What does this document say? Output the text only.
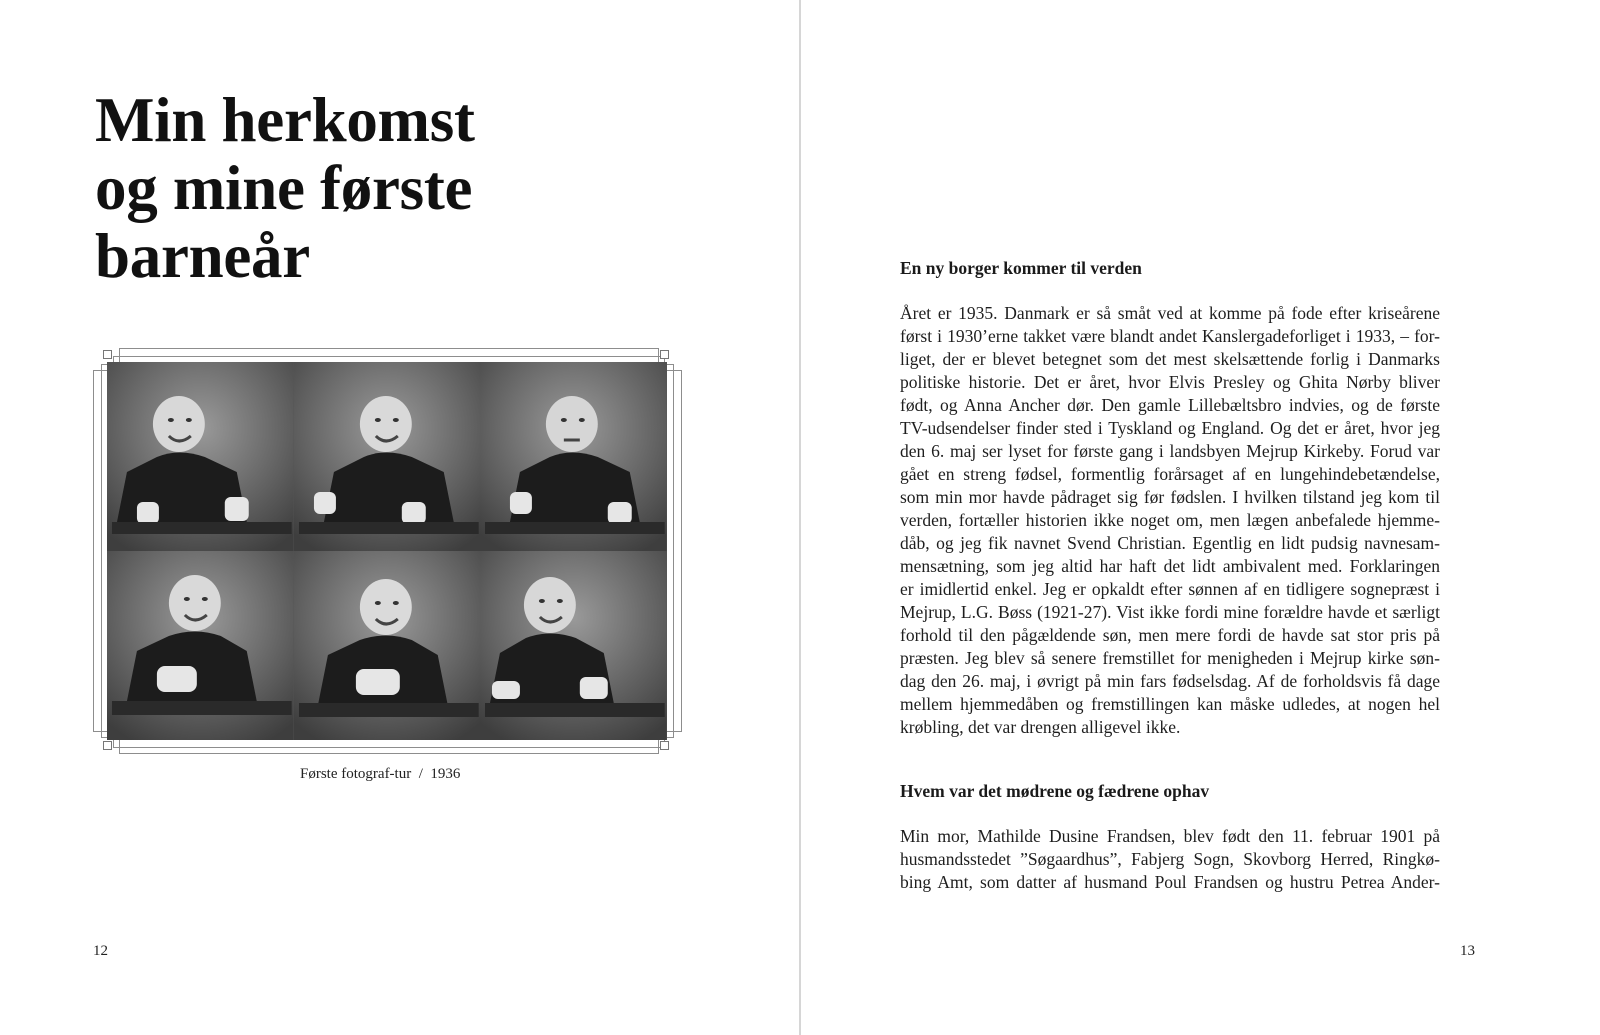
Min herkomst
og mine første
barneår
Første fotograf-tur  /  1936
12
En ny borger kommer til verden
Året er 1935. Danmark er så småt ved at komme på fode efter kriseårene
først i 1930’erne takket være blandt andet Kanslergadeforliget i 1933, – for-
liget, der er blevet betegnet som det mest skelsættende forlig i Danmarks
politiske historie. Det er året, hvor Elvis Presley og Ghita Nørby bliver
født, og Anna Ancher dør. Den gamle Lillebæltsbro indvies, og de første
TV-udsendelser finder sted i Tyskland og England. Og det er året, hvor jeg
den 6. maj ser lyset for første gang i landsbyen Mejrup Kirkeby. Forud var
gået en streng fødsel, formentlig forårsaget af en lungehindebetændelse,
som min mor havde pådraget sig før fødslen. I hvilken tilstand jeg kom til
verden, fortæller historien ikke noget om, men lægen anbefalede hjemme-
dåb, og jeg fik navnet Svend Christian. Egentlig en lidt pudsig navnesam-
mensætning, som jeg altid har haft det lidt ambivalent med. Forklaringen
er imidlertid enkel. Jeg er opkaldt efter sønnen af en tidligere sognepræst i
Mejrup, L.G. Bøss (1921-27). Vist ikke fordi mine forældre havde et særligt
forhold til den pågældende søn, men mere fordi de havde sat stor pris på
præsten. Jeg blev så senere fremstillet for menigheden i Mejrup kirke søn-
dag den 26. maj, i øvrigt på min fars fødselsdag. Af de forholdsvis få dage
mellem hjemmedåben og fremstillingen kan måske udledes, at nogen hel
krøbling, det var drengen alligevel ikke.
Hvem var det mødrene og fædrene ophav
Min mor, Mathilde Dusine Frandsen, blev født den 11. februar 1901 på
husmandsstedet ”Søgaardhus”, Fabjerg Sogn, Skovborg Herred, Ringkø-
bing Amt, som datter af husmand Poul Frandsen og hustru Petrea Ander-
13
